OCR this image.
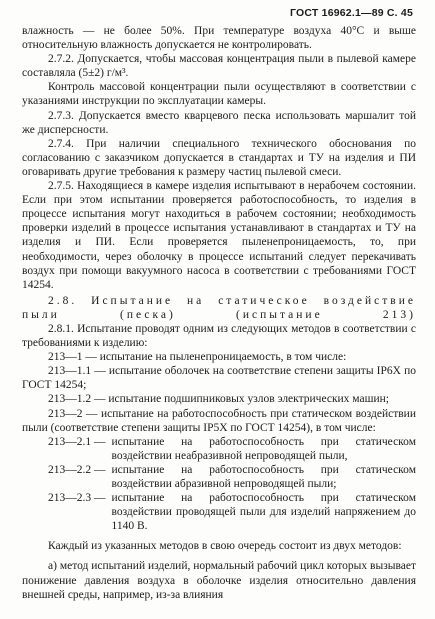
ГОСТ 16962.1—89 С. 45

влажность — не более 50%. При температуре воздуха 40°С и выше относительную влажность допускается не контролировать.

2.7.2. Допускается, чтобы массовая концентрация пыли в пылевой камере составляла (5±2) г/м³.

Контроль массовой концентрации пыли осуществляют в соответствии с указаниями инструкции по эксплуатации камеры.

2.7.3. Допускается вместо кварцевого песка использовать маршалит той же дисперсности.

2.7.4. При наличии специального технического обоснования по согласованию с заказчиком допускается в стандартах и ТУ на изделия и ПИ оговаривать другие требования к размеру частиц пылевой смеси.

2.7.5. Находящиеся в камере изделия испытывают в нерабочем состоянии. Если при этом испытании проверяется работоспособность, то изделия в процессе испытания могут находиться в рабочем состоянии; необходимость проверки изделий в процессе испытания устанавливают в стандартах и ТУ на изделия и ПИ. Если проверяется пыленепроницаемость, то, при необходимости, через оболочку в процессе испытаний следует перекачивать воздух при помощи вакуумного насоса в соответствии с требованиями ГОСТ 14254.

2.8. Испытание на статическое воздействие пыли (песка) (испытание 213)

2.8.1. Испытание проводят одним из следующих методов в соответствии с требованиями к изделию:

213—1 — испытание на пыленепроницаемость, в том числе:

213—1.1 — испытание оболочек на соответствие степени защиты IP6X по ГОСТ 14254;

213—1.2 — испытание подшипниковых узлов электрических машин;

213—2 — испытание на работоспособность при статическом воздействии пыли (соответствие степени защиты IP5X по ГОСТ 14254), в том числе:

213—2.1 — испытание на работоспособность при статическом воздействии неабразивной непроводящей пыли,

213—2.2 — испытание на работоспособность при статическом воздействии абразивной непроводящей пыли;

213—2.3 — испытание на работоспособность при статическом воздействии проводящей пыли для изделий напряжением до 1140 В.

Каждый из указанных методов в свою очередь состоит из двух методов:

а) метод испытаний изделий, нормальный рабочий цикл которых вызывает понижение давления воздуха в оболочке изделия относительно давления внешней среды, например, из-за влияния
